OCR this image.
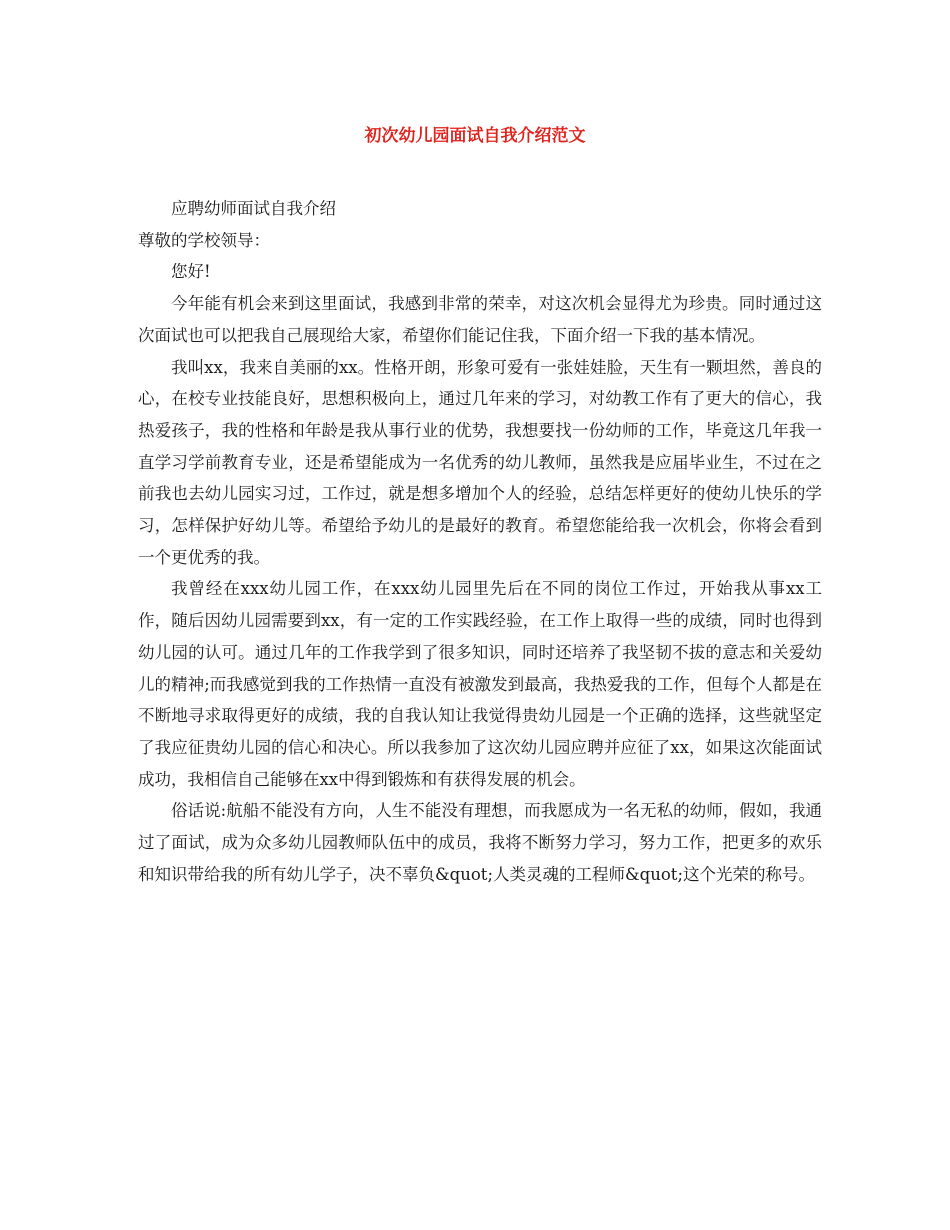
初次幼儿园面试自我介绍范文

应聘幼师面试自我介绍

尊敬的学校领导：

您好!

今年能有机会来到这里面试，我感到非常的荣幸，对这次机会显得尤为珍贵。同时通过这次面试也可以把我自己展现给大家，希望你们能记住我，下面介绍一下我的基本情况。

我叫xx，我来自美丽的xx。性格开朗，形象可爱有一张娃娃脸，天生有一颗坦然，善良的心，在校专业技能良好，思想积极向上，通过几年来的学习，对幼教工作有了更大的信心，我热爱孩子，我的性格和年龄是我从事行业的优势，我想要找一份幼师的工作，毕竟这几年我一直学习学前教育专业，还是希望能成为一名优秀的幼儿教师，虽然我是应届毕业生，不过在之前我也去幼儿园实习过，工作过，就是想多增加个人的经验，总结怎样更好的使幼儿快乐的学习，怎样保护好幼儿等。希望给予幼儿的是最好的教育。希望您能给我一次机会，你将会看到一个更优秀的我。

我曾经在xxx幼儿园工作，在xxx幼儿园里先后在不同的岗位工作过，开始我从事xx工作，随后因幼儿园需要到xx，有一定的工作实践经验，在工作上取得一些的成绩，同时也得到幼儿园的认可。通过几年的工作我学到了很多知识，同时还培养了我坚韧不拔的意志和关爱幼儿的精神;而我感觉到我的工作热情一直没有被激发到最高，我热爱我的工作，但每个人都是在不断地寻求取得更好的成绩，我的自我认知让我觉得贵幼儿园是一个正确的选择，这些就坚定了我应征贵幼儿园的信心和决心。所以我参加了这次幼儿园应聘并应征了xx，如果这次能面试成功，我相信自己能够在xx中得到锻炼和有获得发展的机会。

俗话说:航船不能没有方向，人生不能没有理想，而我愿成为一名无私的幼师，假如，我通过了面试，成为众多幼儿园教师队伍中的成员，我将不断努力学习，努力工作，把更多的欢乐和知识带给我的所有幼儿学子，决不辜负&quot;人类灵魂的工程师&quot;这个光荣的称号。
